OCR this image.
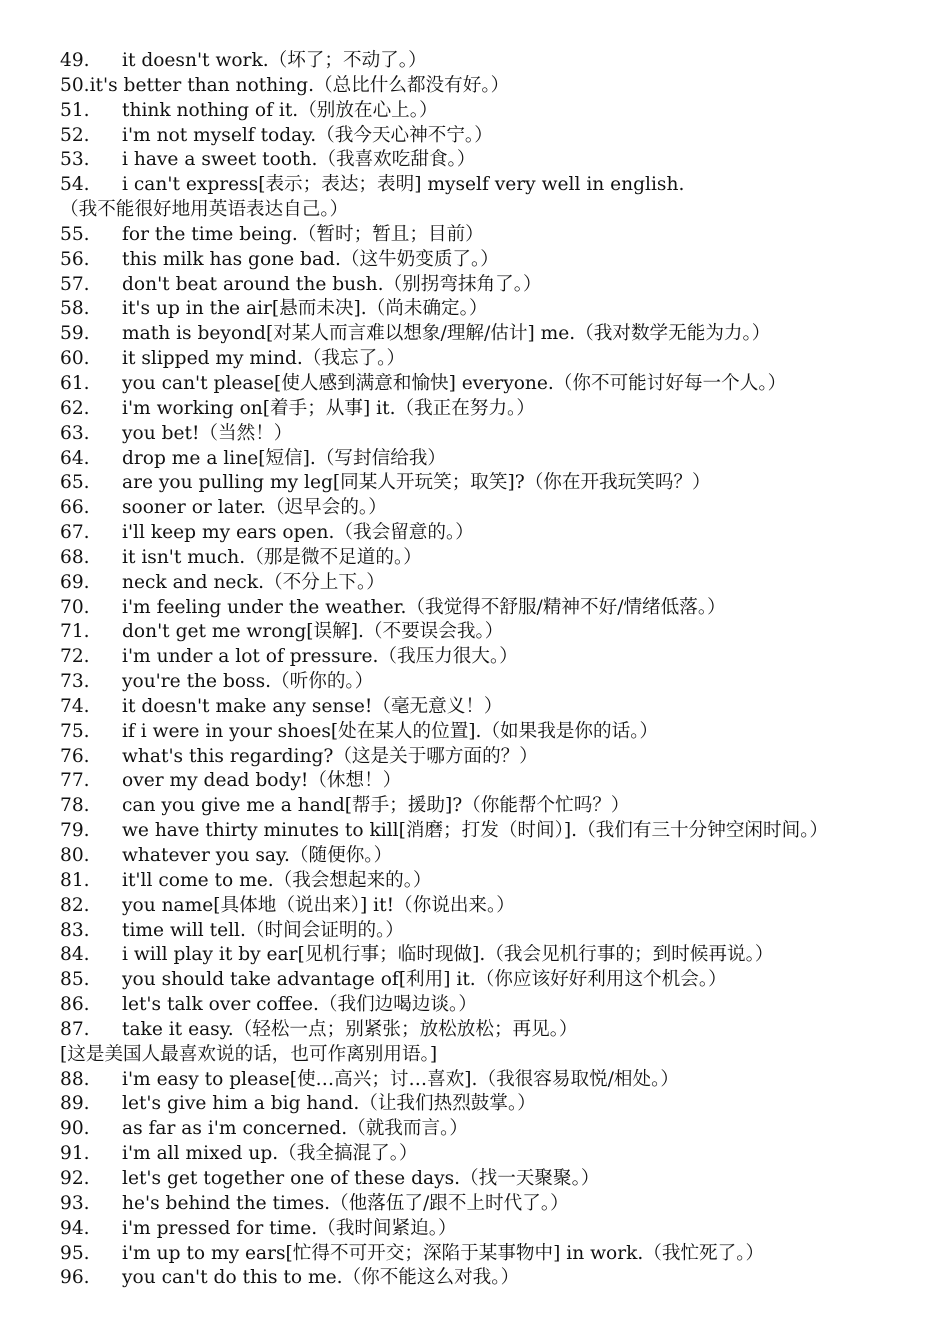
49. it doesn't work.（坏了；不动了。）
50.it's better than nothing.（总比什么都没有好。）
51. think nothing of it.（别放在心上。）
52. i'm not myself today.（我今天心神不宁。）
53. i have a sweet tooth.（我喜欢吃甜食。）
54. i can't express[表示；表达；表明] myself very well in english.
（我不能很好地用英语表达自己。）
55. for the time being.（暂时；暂且；目前）
56. this milk has gone bad.（这牛奶变质了。）
57. don't beat around the bush.（别拐弯抹角了。）
58. it's up in the air[悬而未决].（尚未确定。）
59. math is beyond[对某人而言难以想象/理解/估计] me.（我对数学无能为力。）
60. it slipped my mind.（我忘了。）
61. you can't please[使人感到满意和愉快] everyone.（你不可能讨好每一个人。）
62. i'm working on[着手；从事] it.（我正在努力。）
63. you bet!（当然！）
64. drop me a line[短信].（写封信给我）
65. are you pulling my leg[同某人开玩笑；取笑]?（你在开我玩笑吗？）
66. sooner or later.（迟早会的。）
67. i'll keep my ears open.（我会留意的。）
68. it isn't much.（那是微不足道的。）
69. neck and neck.（不分上下。）
70. i'm feeling under the weather.（我觉得不舒服/精神不好/情绪低落。）
71. don't get me wrong[误解].（不要误会我。）
72. i'm under a lot of pressure.（我压力很大。）
73. you're the boss.（听你的。）
74. it doesn't make any sense!（毫无意义！）
75. if i were in your shoes[处在某人的位置].（如果我是你的话。）
76. what's this regarding?（这是关于哪方面的？）
77. over my dead body!（休想！）
78. can you give me a hand[帮手；援助]?（你能帮个忙吗？）
79. we have thirty minutes to kill[消磨；打发（时间）].（我们有三十分钟空闲时间。）
80. whatever you say.（随便你。）
81. it'll come to me.（我会想起来的。）
82. you name[具体地（说出来）] it!（你说出来。）
83. time will tell.（时间会证明的。）
84. i will play it by ear[见机行事；临时现做].（我会见机行事的；到时候再说。）
85. you should take advantage of[利用] it.（你应该好好利用这个机会。）
86. let's talk over coffee.（我们边喝边谈。）
87. take it easy.（轻松一点；别紧张；放松放松；再见。）
[这是美国人最喜欢说的话，也可作离别用语。]
88. i'm easy to please[使…高兴；讨…喜欢].（我很容易取悦/相处。）
89. let's give him a big hand.（让我们热烈鼓掌。）
90. as far as i'm concerned.（就我而言。）
91. i'm all mixed up.（我全搞混了。）
92. let's get together one of these days.（找一天聚聚。）
93. he's behind the times.（他落伍了/跟不上时代了。）
94. i'm pressed for time.（我时间紧迫。）
95. i'm up to my ears[忙得不可开交；深陷于某事物中] in work.（我忙死了。）
96. you can't do this to me.（你不能这么对我。）
